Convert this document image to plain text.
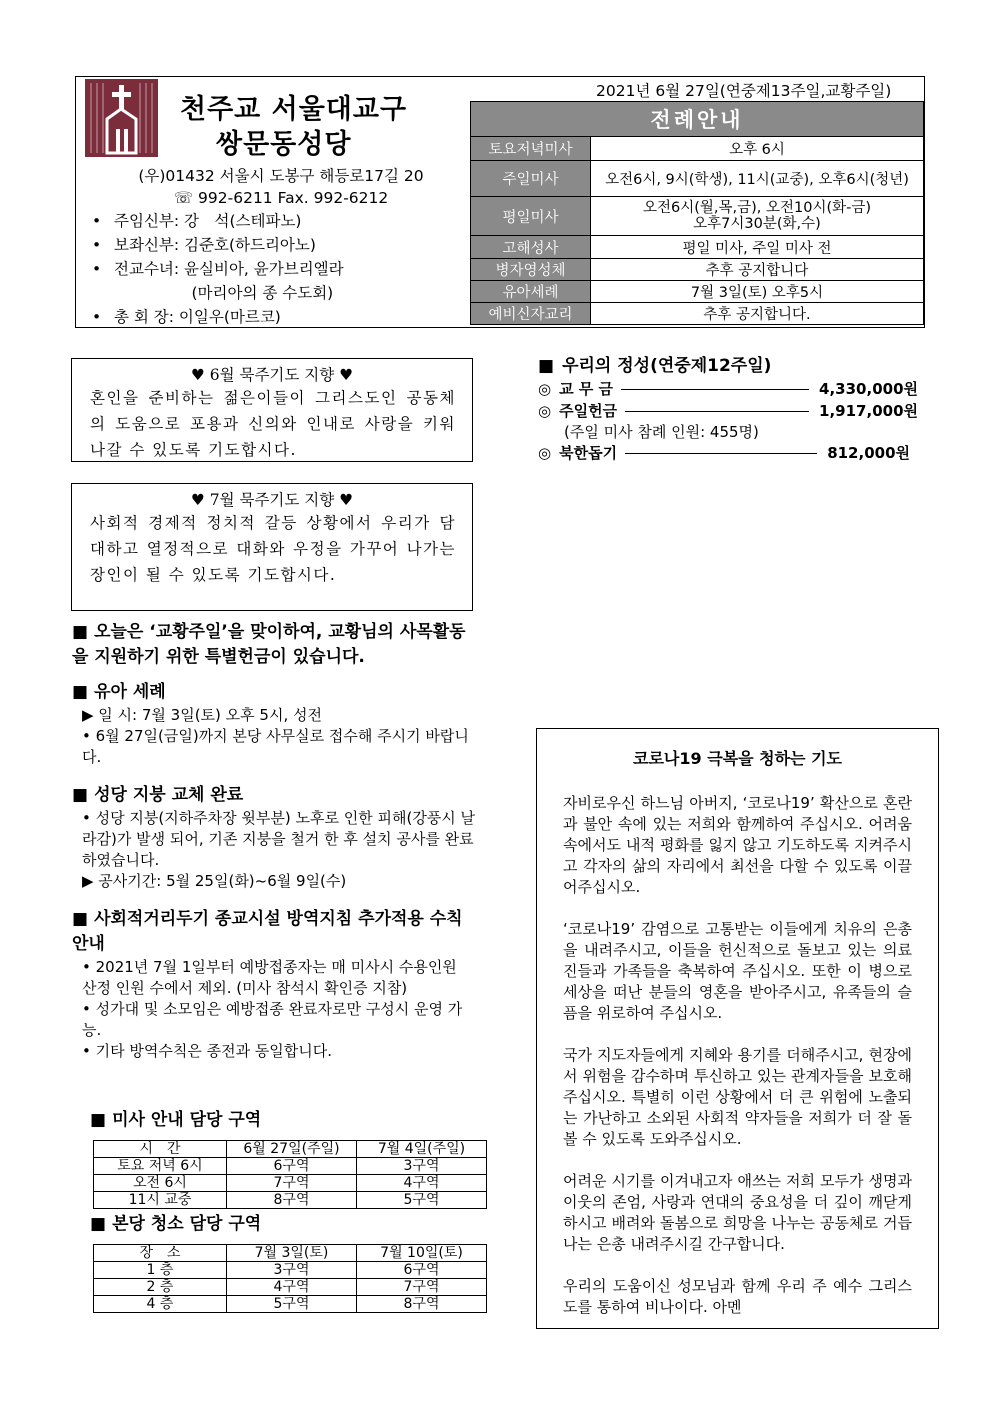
천주교 서울대교구
쌍문동성당
(우)01432 서울시 도봉구 해등로17길 20
☏ 992-6211 Fax. 992-6212
• 주임신부: 강　석(스테파노)
• 보좌신부: 김준호(하드리아노)
• 전교수녀: 윤실비아, 윤가브리엘라
　　　　　(마리아의 종 수도회)
• 총 회 장: 이일우(마르코)
2021년 6월 27일(연중제13주일,교황주일)
전례안내	
토요저녁미사	오후 6시
주일미사	오전6시, 9시(학생), 11시(교중), 오후6시(청년)
평일미사	오전6시(월,목,금), 오전10시(화-금)
오후7시30분(화,수)
고해성사	평일 미사, 주일 미사 전
병자영성체	추후 공지합니다
유아세례	7월 3일(토) 오후5시
예비신자교리	추후 공지합니다.
♥ 6월 묵주기도 지향 ♥
혼인을 준비하는 젊은이들이 그리스도인 공동체의 도움으로 포용과 신의와 인내로 사랑을 키워나갈 수 있도록 기도합시다.
♥ 7월 묵주기도 지향 ♥
사회적 경제적 정치적 갈등 상황에서 우리가 담대하고 열정적으로 대화와 우정을 가꾸어 나가는 장인이 될 수 있도록 기도합시다.
■ 오늘은 ‘교황주일’을 맞이하여, 교황님의 사목활동을 지원하기 위한 특별헌금이 있습니다.
■ 유아 세례
▶ 일 시: 7월 3일(토) 오후 5시, 성전
• 6월 27일(금일)까지 본당 사무실로 접수해 주시기 바랍니다.
■ 성당 지붕 교체 완료
• 성당 지붕(지하주차장 윗부분) 노후로 인한 피해(강풍시 날라감)가 발생 되어, 기존 지붕을 철거 한 후 설치 공사를 완료하였습니다.
▶ 공사기간: 5월 25일(화)~6월 9일(수)
■ 사회적거리두기 종교시설 방역지침 추가적용 수칙 안내
• 2021년 7월 1일부터 예방접종자는 매 미사시 수용인원 산정 인원 수에서 제외. (미사 참석시 확인증 지참)
• 성가대 및 소모임은 예방접종 완료자로만 구성시 운영 가능.
• 기타 방역수칙은 종전과 동일합니다.
■ 미사 안내 담당 구역
시　간	6월 27일(주일)	7월 4일(주일)
토요 저녁 6시	6구역	3구역
오전 6시	7구역	4구역
11시 교중	8구역	5구역
■ 본당 청소 담당 구역
장　소	7월 3일(토)	7월 10일(토)
1 층	3구역	6구역
2 층	4구역	7구역
4 층	5구역	8구역
■ 우리의 정성(연중제12주일)
◎ 교 무 금	4,330,000원
◎ 주일헌금	1,917,000원
(주일 미사 참례 인원: 455명)
◎ 북한돕기	812,000원
코로나19 극복을 청하는 기도

자비로우신 하느님 아버지, ‘코로나19’ 확산으로 혼란과 불안 속에 있는 저희와 함께하여 주십시오. 어려움 속에서도 내적 평화를 잃지 않고 기도하도록 지켜주시고 각자의 삶의 자리에서 최선을 다할 수 있도록 이끌어주십시오.

‘코로나19’ 감염으로 고통받는 이들에게 치유의 은총을 내려주시고, 이들을 헌신적으로 돌보고 있는 의료진들과 가족들을 축복하여 주십시오. 또한 이 병으로 세상을 떠난 분들의 영혼을 받아주시고, 유족들의 슬픔을 위로하여 주십시오.

국가 지도자들에게 지혜와 용기를 더해주시고, 현장에서 위험을 감수하며 투신하고 있는 관계자들을 보호해주십시오. 특별히 이런 상황에서 더 큰 위험에 노출되는 가난하고 소외된 사회적 약자들을 저희가 더 잘 돌볼 수 있도록 도와주십시오.

어려운 시기를 이겨내고자 애쓰는 저희 모두가 생명과 이웃의 존엄, 사랑과 연대의 중요성을 더 깊이 깨닫게 하시고 배려와 돌봄으로 희망을 나누는 공동체로 거듭나는 은총 내려주시길 간구합니다.

우리의 도움이신 성모님과 함께 우리 주 예수 그리스도를 통하여 비나이다. 아멘
